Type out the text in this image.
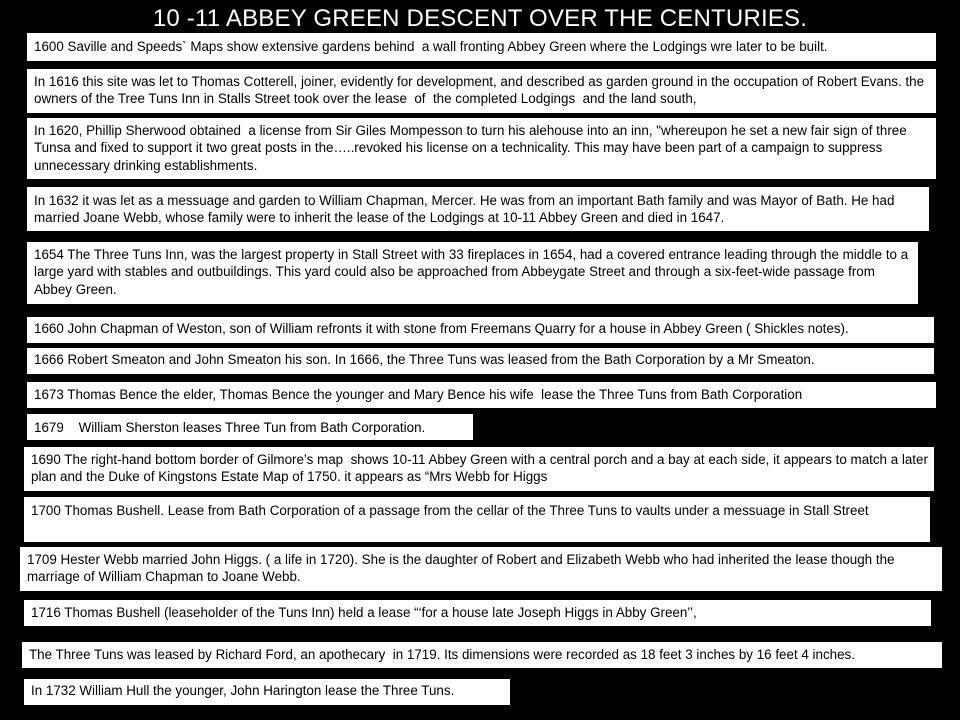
10 -11 ABBEY GREEN DESCENT OVER THE CENTURIES.
1600 Saville and Speeds` Maps show extensive gardens behind  a wall fronting Abbey Green where the Lodgings wre later to be built.
In 1616 this site was let to Thomas Cotterell, joiner, evidently for development, and described as garden ground in the occupation of Robert Evans. the owners of the Tree Tuns Inn in Stalls Street took over the lease  of  the completed Lodgings  and the land south,
In 1620, Phillip Sherwood obtained  a license from Sir Giles Mompesson to turn his alehouse into an inn, "whereupon he set a new fair sign of three Tunsa and fixed to support it two great posts in the…..revoked his license on a technicality. This may have been part of a campaign to suppress unnecessary drinking establishments.
In 1632 it was let as a messuage and garden to William Chapman, Mercer. He was from an important Bath family and was Mayor of Bath. He had married Joane Webb, whose family were to inherit the lease of the Lodgings at 10-11 Abbey Green and died in 1647.
1654 The Three Tuns Inn, was the largest property in Stall Street with 33 fireplaces in 1654, had a covered entrance leading through the middle to a large yard with stables and outbuildings. This yard could also be approached from Abbeygate Street and through a six-feet-wide passage from Abbey Green.
1660 John Chapman of Weston, son of William refronts it with stone from Freemans Quarry for a house in Abbey Green ( Shickles notes).
1666 Robert Smeaton and John Smeaton his son. In 1666, the Three Tuns was leased from the Bath Corporation by a Mr Smeaton.
1673 Thomas Bence the elder, Thomas Bence the younger and Mary Bence his wife  lease the Three Tuns from Bath Corporation
1679    William Sherston leases Three Tun from Bath Corporation.
1690 The right-hand bottom border of Gilmore’s map  shows 10-11 Abbey Green with a central porch and a bay at each side, it appears to match a later plan and the Duke of Kingstons Estate Map of 1750. it appears as “Mrs Webb for Higgs
1700 Thomas Bushell. Lease from Bath Corporation of a passage from the cellar of the Three Tuns to vaults under a messuage in Stall Street
1709 Hester Webb married John Higgs. ( a life in 1720). She is the daughter of Robert and Elizabeth Webb who had inherited the lease though the marriage of William Chapman to Joane Webb.
1716 Thomas Bushell (leaseholder of the Tuns Inn) held a lease “‘for a house late Joseph Higgs in Abby Green’’,
The Three Tuns was leased by Richard Ford, an apothecary  in 1719. Its dimensions were recorded as 18 feet 3 inches by 16 feet 4 inches.
In 1732 William Hull the younger, John Harington lease the Three Tuns.
